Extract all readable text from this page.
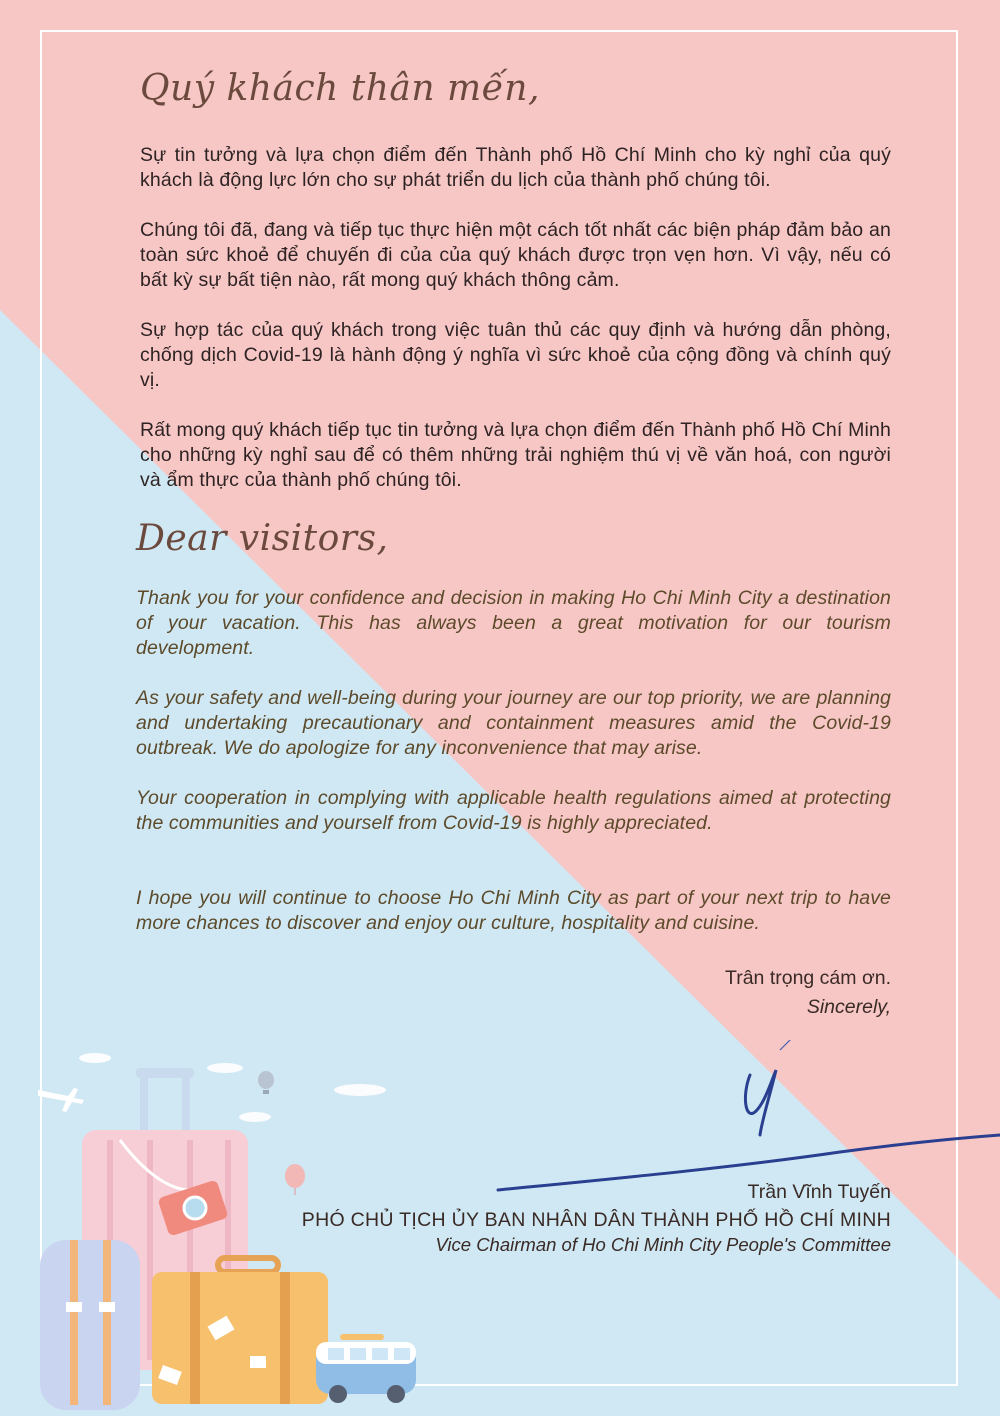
Quý khách thân mến,
Sự tin tưởng và lựa chọn điểm đến Thành phố Hồ Chí Minh cho kỳ nghỉ của quý khách là động lực lớn cho sự phát triển du lịch của thành phố chúng tôi.
Chúng tôi đã, đang và tiếp tục thực hiện một cách tốt nhất các biện pháp đảm bảo an toàn sức khoẻ để chuyến đi của của quý khách được trọn vẹn hơn. Vì vậy, nếu có bất kỳ sự bất tiện nào, rất mong quý khách thông cảm.
Sự hợp tác của quý khách trong việc tuân thủ các quy định và hướng dẫn phòng, chống dịch Covid-19 là hành động ý nghĩa vì sức khoẻ của cộng đồng và chính quý vị.
Rất mong quý khách tiếp tục tin tưởng và lựa chọn điểm đến Thành phố Hồ Chí Minh cho những kỳ nghỉ sau để có thêm những trải nghiệm thú vị về văn hoá, con người và ẩm thực của thành phố chúng tôi.
Dear visitors,
Thank you for your confidence and decision in making Ho Chi Minh City a destination of your vacation. This has always been a great motivation for our tourism development.
As your safety and well-being during your journey are our top priority, we are planning and undertaking precautionary and containment measures amid the Covid-19 outbreak. We do apologize for any inconvenience that may arise.
Your cooperation in complying with applicable health regulations aimed at protecting the communities and yourself from Covid-19 is highly appreciated.
I hope you will continue to choose Ho Chi Minh City as part of your next trip to have more chances to discover and enjoy our culture, hospitality and cuisine.
Trân trọng cám ơn.
Sincerely,
Trần Vĩnh Tuyến
PHÓ CHỦ TỊCH ỦY BAN NHÂN DÂN THÀNH PHỐ HỒ CHÍ MINH
Vice Chairman of Ho Chi Minh City People's Committee
